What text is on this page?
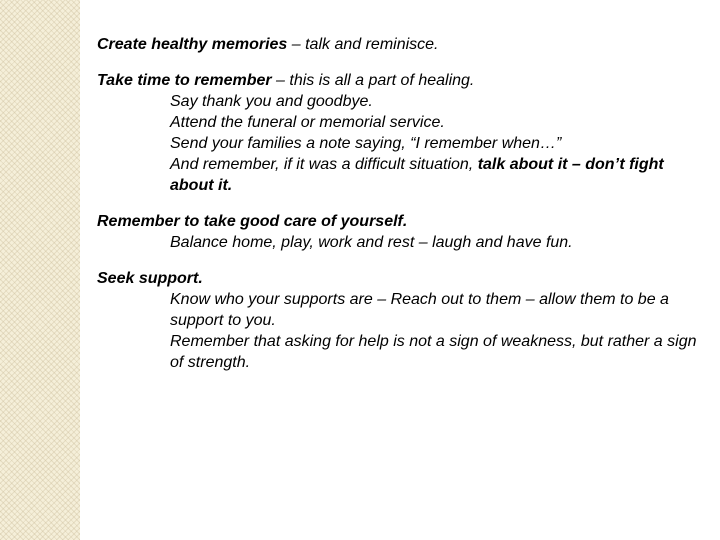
Create healthy memories – talk and reminisce.
Take time to remember – this is all a part of healing.
Say thank you and goodbye.
Attend the funeral or memorial service.
Send your families a note saying, “I remember when…”
And remember, if it was a difficult situation, talk about it – don’t fight about it.
Remember to take good care of yourself.
Balance home, play, work and rest – laugh and have fun.
Seek support.
Know who your supports are – Reach out to them – allow them to be a support to you.
Remember that asking for help is not a sign of weakness, but rather a sign of strength.
